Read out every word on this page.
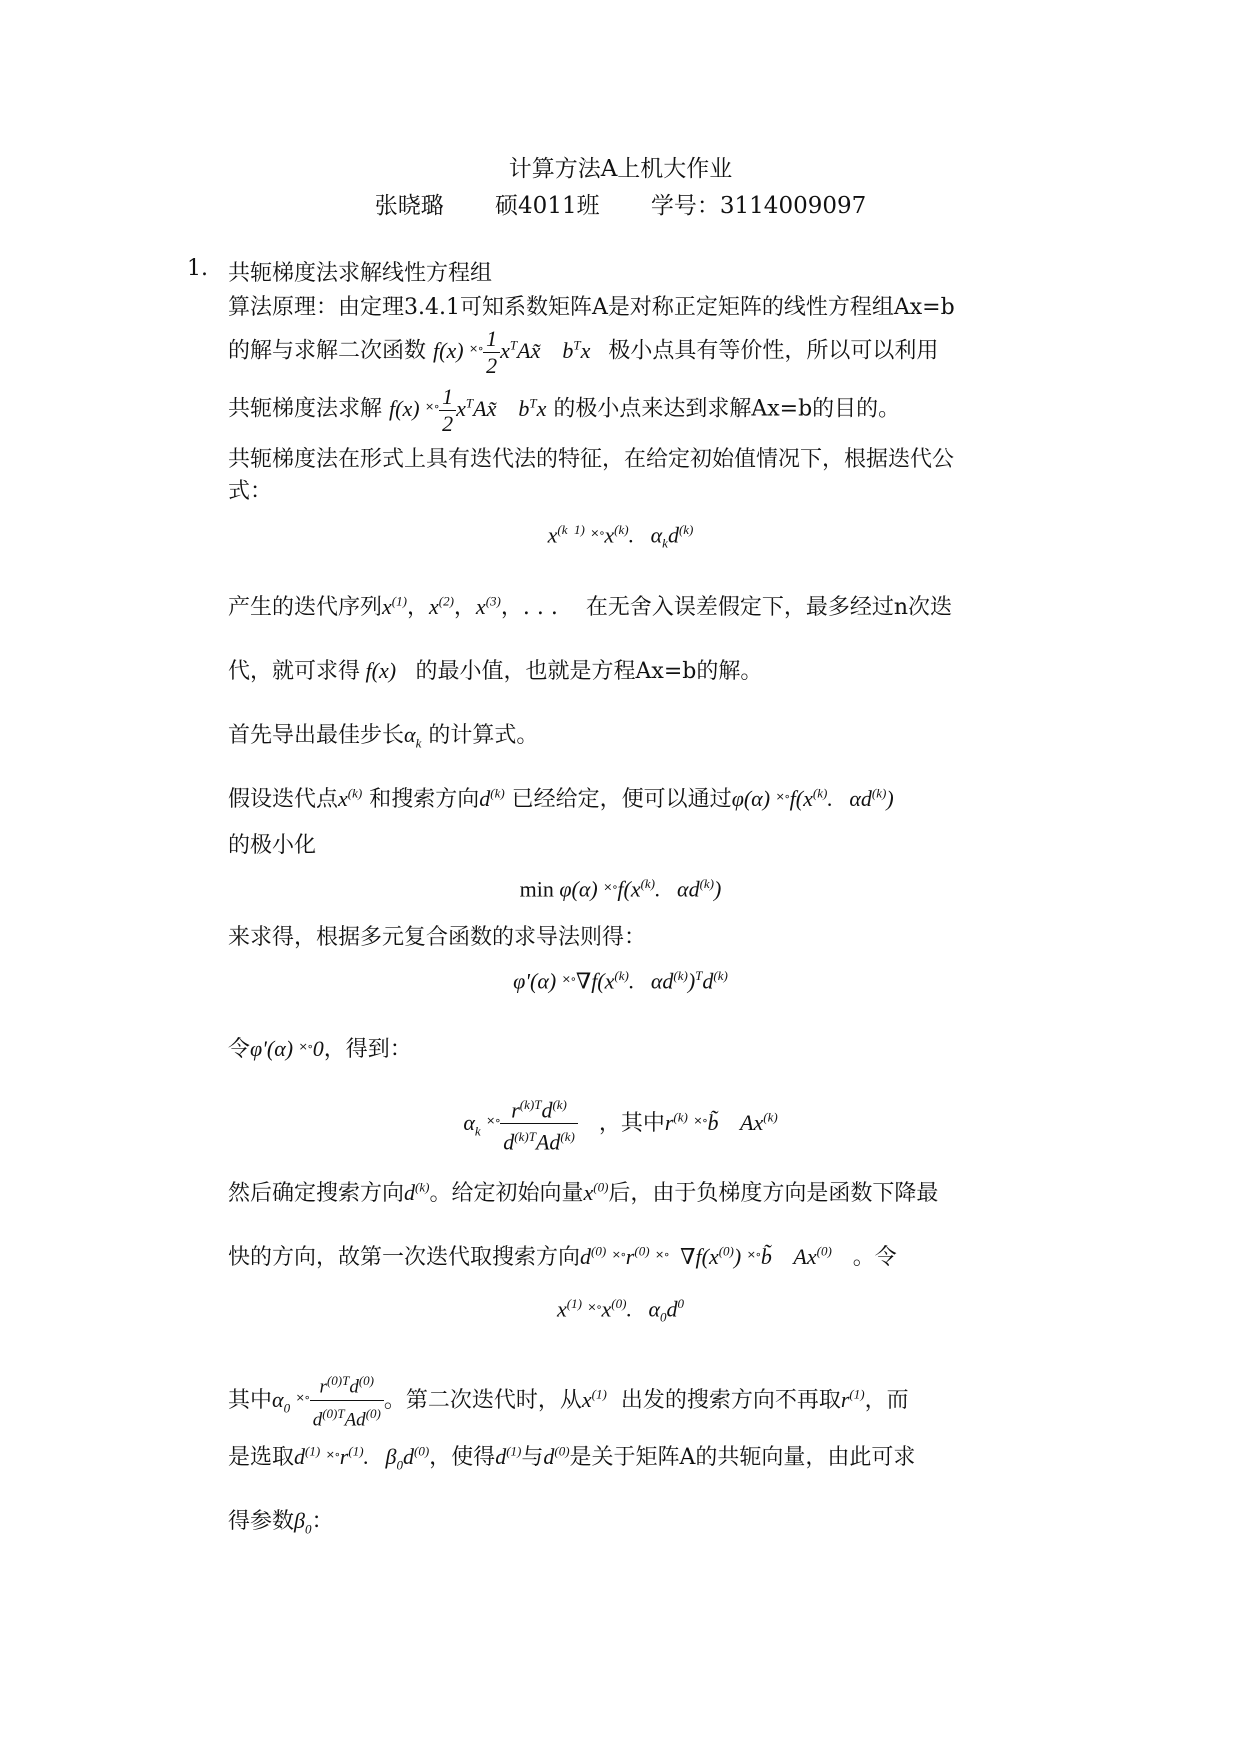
计算方法A上机大作业
张晓璐 硕4011班 学号：3114009097
1. 共轭梯度法求解线性方程组
算法原理：由定理3.4.1可知系数矩阵A是对称正定矩阵的线性方程组Ax=b
的解与求解二次函数 f(x) $^{\times\circ} \frac{1}{2}$ $x^TAx̃$    $b^Tx$   极小点具有等价性，所以可以利用
共轭梯度法求解 f(x) $^{\times\circ} \frac{1}{2}$ $x^TAx̃$    $b^Tx$ 的极小点来达到求解Ax=b的目的。
共轭梯度法在形式上具有迭代法的特征，在给定初始值情况下，根据迭代公
式：
$x^{(k 1)}$ $^{\times\circ}x^{(k)}$.   $\alpha_kd^{(k)}$
产生的迭代序列$x^{(1)}$，$x^{(2)}$，$x^{(3)}$，. . . 在无舍入误差假定下，最多经过n次迭
代，就可求得 f(x)   的最小值，也就是方程Ax=b的解。
首先导出最佳步长$\alpha_k$ 的计算式。
假设迭代点$x^{(k)}$ 和搜索方向$d^{(k)}$ 已经给定，便可以通过φ(α) $^{\times\circ}f(x^{(k)}$.   $\alpha d^{(k)}$)
的极小化
min φ(α) $^{\times\circ}f(x^{(k)}$.   $\alpha d^{(k)}$)
来求得，根据多元复合函数的求导法则得：
φ'(α) $^{\times\circ}\nabla f(x^{(k)}$.   $\alpha d^{(k)})^Td^{(k)}$
令φ'(α) ×∘0，得到：
$\alpha_k$ $^{\times\circ} \frac{r^{(k)T}d^{(k)}}{d^{(k)T}Ad^{(k)}}$ ，其中$r^{(k)}$ ×∘b̃    Ax$^{(k)}$
然后确定搜索方向$d^{(k)}$。给定初始向量$x^{(0)}$后，由于负梯度方向是函数下降最
快的方向，故第一次迭代取搜索方向$d^{(0)}$ $^{\times\circ}r^{(0)}$ ×∘  $\nabla f(x^{(0)})$ ×∘b̃    Ax$^{(0)}$ 。令
$x^{(1)}$ $^{\times\circ}x^{(0)}$.   $\alpha_0d^0$
其中$\alpha_0$ $^{\times\circ} \frac{r^{(0)T}d^{(0)}}{d^{(0)T}Ad^{(0)}}$ 。第二次迭代时，从$x^{(1)}$ 出发的搜索方向不再取$r^{(1)}$，而
是选取$d^{(1)}$ $^{\times\circ}r^{(1)}$.   $\beta_0d^{(0)}$，使得$d^{(1)}$与$d^{(0)}$是关于矩阵A的共轭向量，由此可求
得参数$\beta_0$：
